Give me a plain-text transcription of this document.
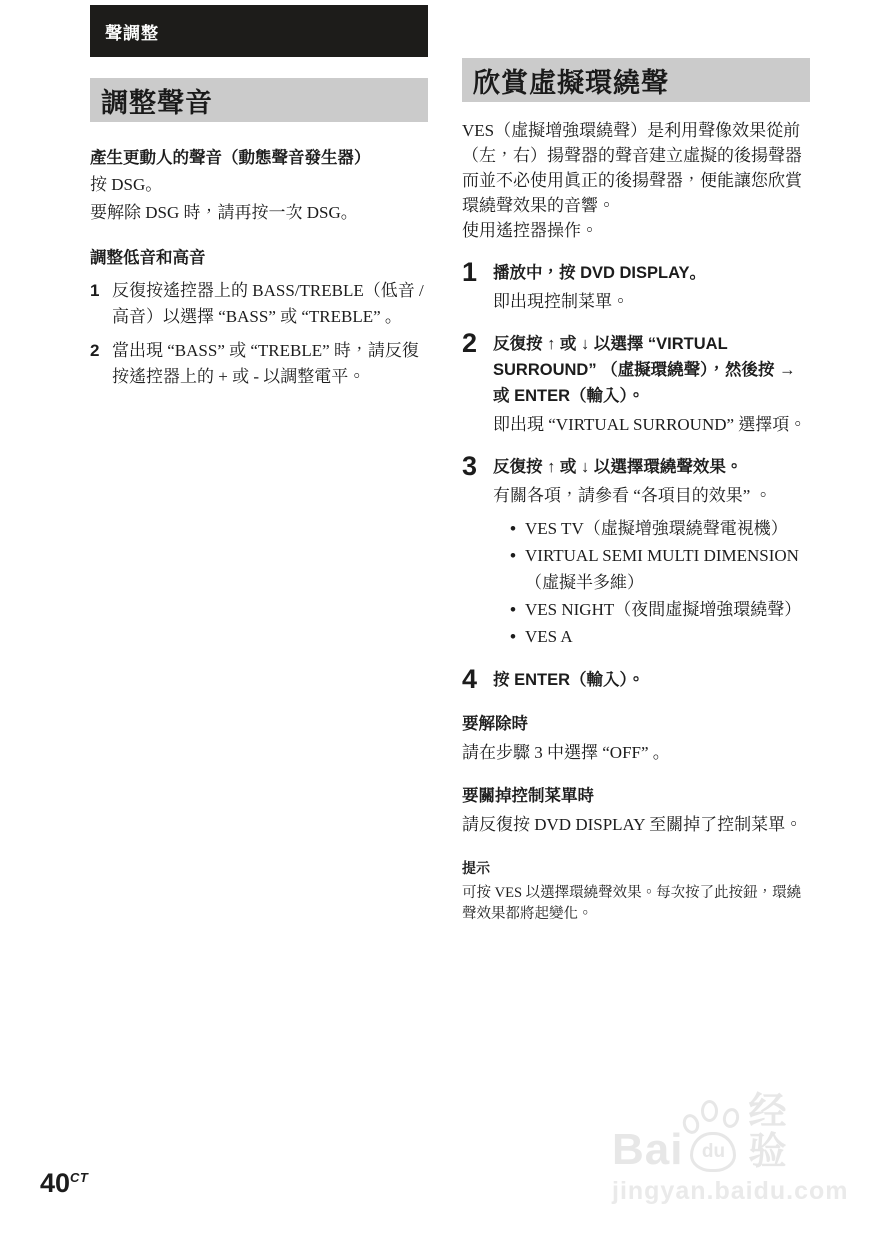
聲調整
調整聲音
產生更動人的聲音（動態聲音發生器）

按 DSG。

要解除 DSG 時，請再按一次 DSG。

調整低音和高音
1 反復按遙控器上的 BASS/TREBLE（低音 / 高音）以選擇 “BASS” 或 “TREBLE” 。
2 當出現 “BASS” 或 “TREBLE” 時，請反復按遙控器上的 + 或 - 以調整電平。
欣賞虛擬環繞聲

VES（虛擬增強環繞聲）是利用聲像效果從前（左，右）揚聲器的聲音建立虛擬的後揚聲器而並不必使用眞正的後揚聲器，便能讓您欣賞環繞聲效果的音響。

使用遙控器操作。

1 播放中，按 DVD DISPLAY。
即出現控制菜單。
2 反復按 ↑ 或 ↓ 以選擇 “VIRTUAL SURROUND” （虛擬環繞聲），然後按 → 或 ENTER（輸入）。
即出現 “VIRTUAL SURROUND” 選擇項。
3 反復按 ↑ 或 ↓ 以選擇環繞聲效果。
有關各項，請參看 “各項目的效果” 。
• VES TV（虛擬增強環繞聲電視機）
• VIRTUAL SEMI MULTI DIMENSION（虛擬半多維）
• VES NIGHT（夜間虛擬增強環繞聲）
• VES A
4 按 ENTER（輸入）。
要解除時

請在步驟 3 中選擇 “OFF” 。

要關掉控制菜單時

請反復按 DVD DISPLAY 至關掉了控制菜單。

提示

可按 VES 以選擇環繞聲效果。每次按了此按鈕，環繞聲效果都將起變化。

$40^{CT}$
Bai du
经验
jingyan.baidu.com
